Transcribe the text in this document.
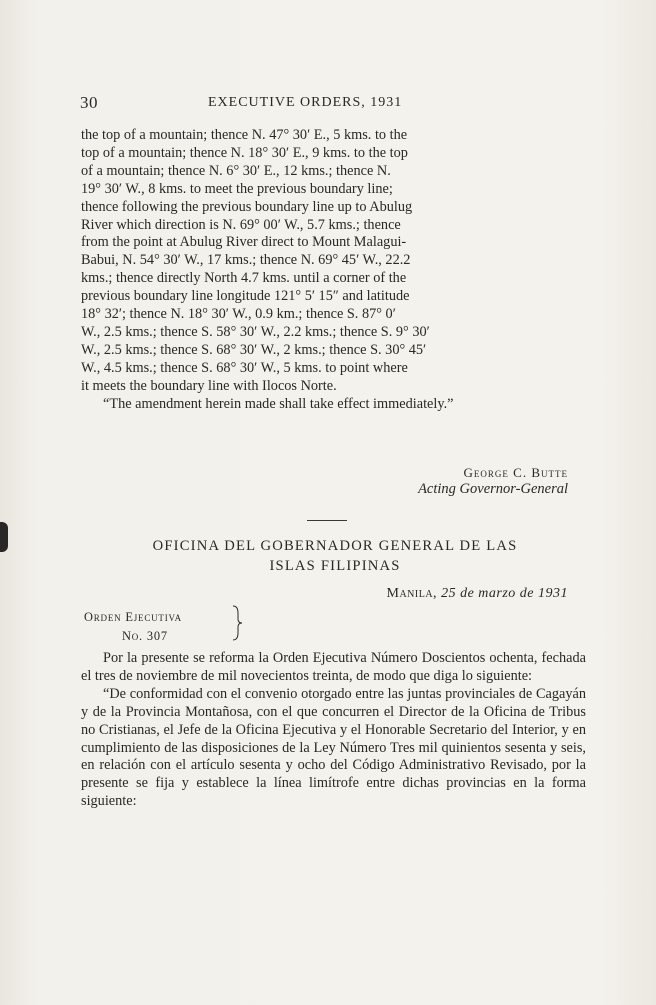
30	EXECUTIVE ORDERS, 1931
the top of a mountain; thence N. 47° 30′ E., 5 kms. to the
top of a mountain; thence N. 18° 30′ E., 9 kms. to the top
of a mountain; thence N. 6° 30′ E., 12 kms.; thence N.
19° 30′ W., 8 kms. to meet the previous boundary line;
thence following the previous boundary line up to Abulug
River which direction is N. 69° 00′ W., 5.7 kms.; thence
from the point at Abulug River direct to Mount Malagui-
Babui, N. 54° 30′ W., 17 kms.; thence N. 69° 45′ W., 22.2
kms.; thence directly North 4.7 kms. until a corner of the
previous boundary line longitude 121° 5′ 15″ and latitude
18° 32′; thence N. 18° 30′ W., 0.9 km.; thence S. 87° 0′
W., 2.5 kms.; thence S. 58° 30′ W., 2.2 kms.; thence S. 9° 30′
W., 2.5 kms.; thence S. 68° 30′ W., 2 kms.; thence S. 30° 45′
W., 4.5 kms.; thence S. 68° 30′ W., 5 kms. to point where
it meets the boundary line with Ilocos Norte.

“The amendment herein made shall take effect immediately.”

George C. Butte
Acting Governor-General
OFICINA DEL GOBERNADOR GENERAL DE LAS
ISLAS FILIPINAS
Manila, 25 de marzo de 1931
Orden Ejecutiva
No. 307

Por la presente se reforma la Orden Ejecutiva Número Doscientos ochenta, fechada el tres de noviembre de mil novecientos treinta, de modo que diga lo siguiente:

“De conformidad con el convenio otorgado entre las juntas provinciales de Cagayán y de la Provincia Montañosa, con el que concurren el Director de la Oficina de Tribus no Cristianas, el Jefe de la Oficina Ejecutiva y el Honorable Secretario del Interior, y en cumplimiento de las disposiciones de la Ley Número Tres mil quinientos sesenta y seis, en relación con el artículo sesenta y ocho del Código Administrativo Revisado, por la presente se fija y establece la línea limítrofe entre dichas provincias en la forma siguiente:
